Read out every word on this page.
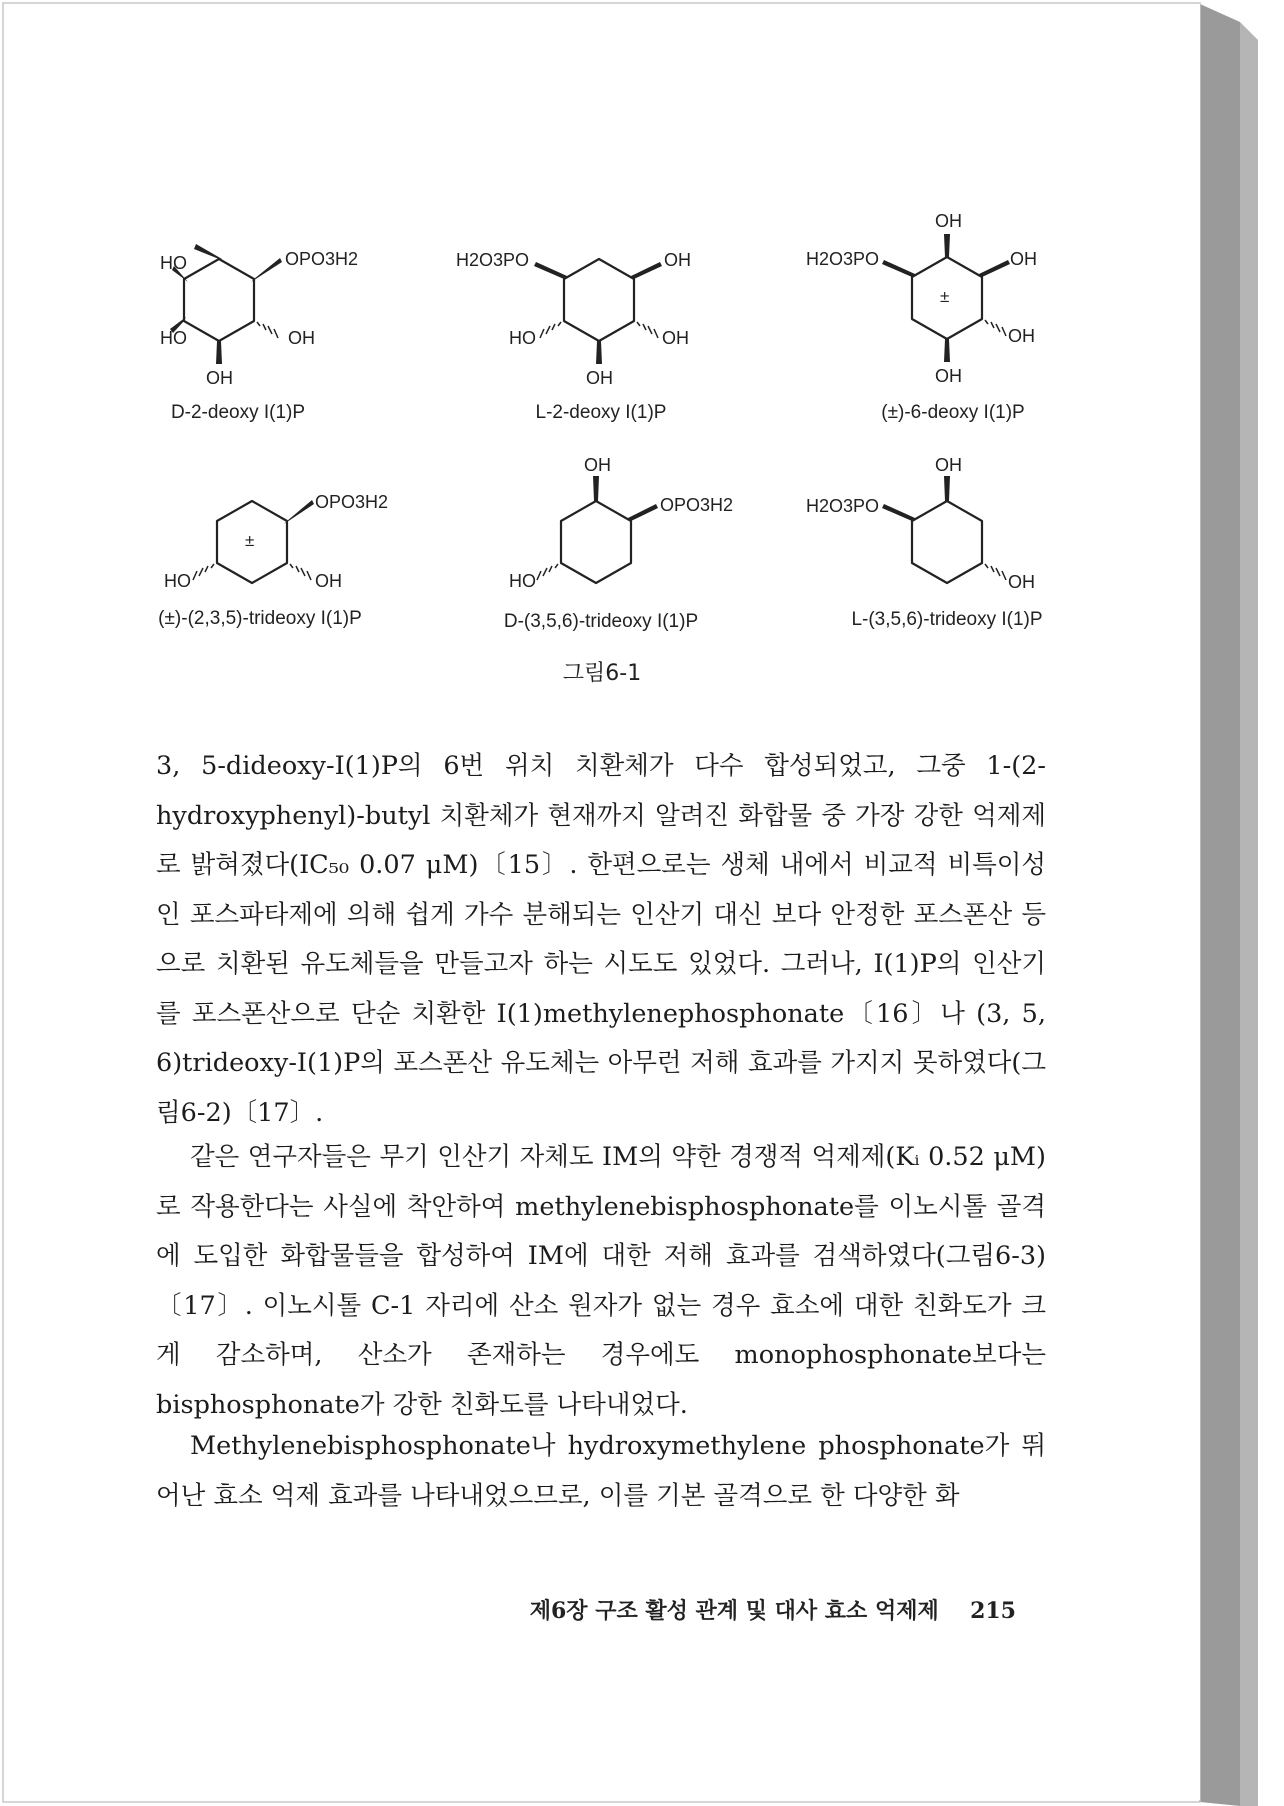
HO	OPO3H2
HO	OH
OH
D-2-deoxy I(1)P
H2O3PO	OH
HO	OH
OH
L-2-deoxy I(1)P
OH
H2O3PO	OH
±
OH
OH
(±)-6-deoxy I(1)P
OPO3H2
±
HO	OH
(±)-(2,3,5)-trideoxy I(1)P
OH
OPO3H2
HO
D-(3,5,6)-trideoxy I(1)P
OH
H2O3PO
OH
L-(3,5,6)-trideoxy I(1)P
그림6-1

3, 5-dideoxy-I(1)P의 6번 위치 치환체가 다수 합성되었고, 그중 1-(2-hydroxyphenyl)-butyl 치환체가 현재까지 알려진 화합물 중 가장 강한 억제제로 밝혀졌다(IC₅₀ 0.07 μM)〔15〕. 한편으로는 생체 내에서 비교적 비특이성인 포스파타제에 의해 쉽게 가수 분해되는 인산기 대신 보다 안정한 포스폰산 등으로 치환된 유도체들을 만들고자 하는 시도도 있었다. 그러나, I(1)P의 인산기를 포스폰산으로 단순 치환한 I(1)methylenephosphonate〔16〕나 (3, 5, 6)trideoxy-I(1)P의 포스폰산 유도체는 아무런 저해 효과를 가지지 못하였다(그림6-2)〔17〕.

같은 연구자들은 무기 인산기 자체도 IM의 약한 경쟁적 억제제(Kᵢ 0.52 μM)로 작용한다는 사실에 착안하여 methylenebisphosphonate를 이노시톨 골격에 도입한 화합물들을 합성하여 IM에 대한 저해 효과를 검색하였다(그림6-3)〔17〕. 이노시톨 C-1 자리에 산소 원자가 없는 경우 효소에 대한 친화도가 크게 감소하며, 산소가 존재하는 경우에도 monophosphonate보다는 bisphosphonate가 강한 친화도를 나타내었다.

Methylenebisphosphonate나 hydroxymethylene phosphonate가 뛰어난 효소 억제 효과를 나타내었으므로, 이를 기본 골격으로 한 다양한 화

제6장 구조 활성 관계 및 대사 효소 억제제 215
